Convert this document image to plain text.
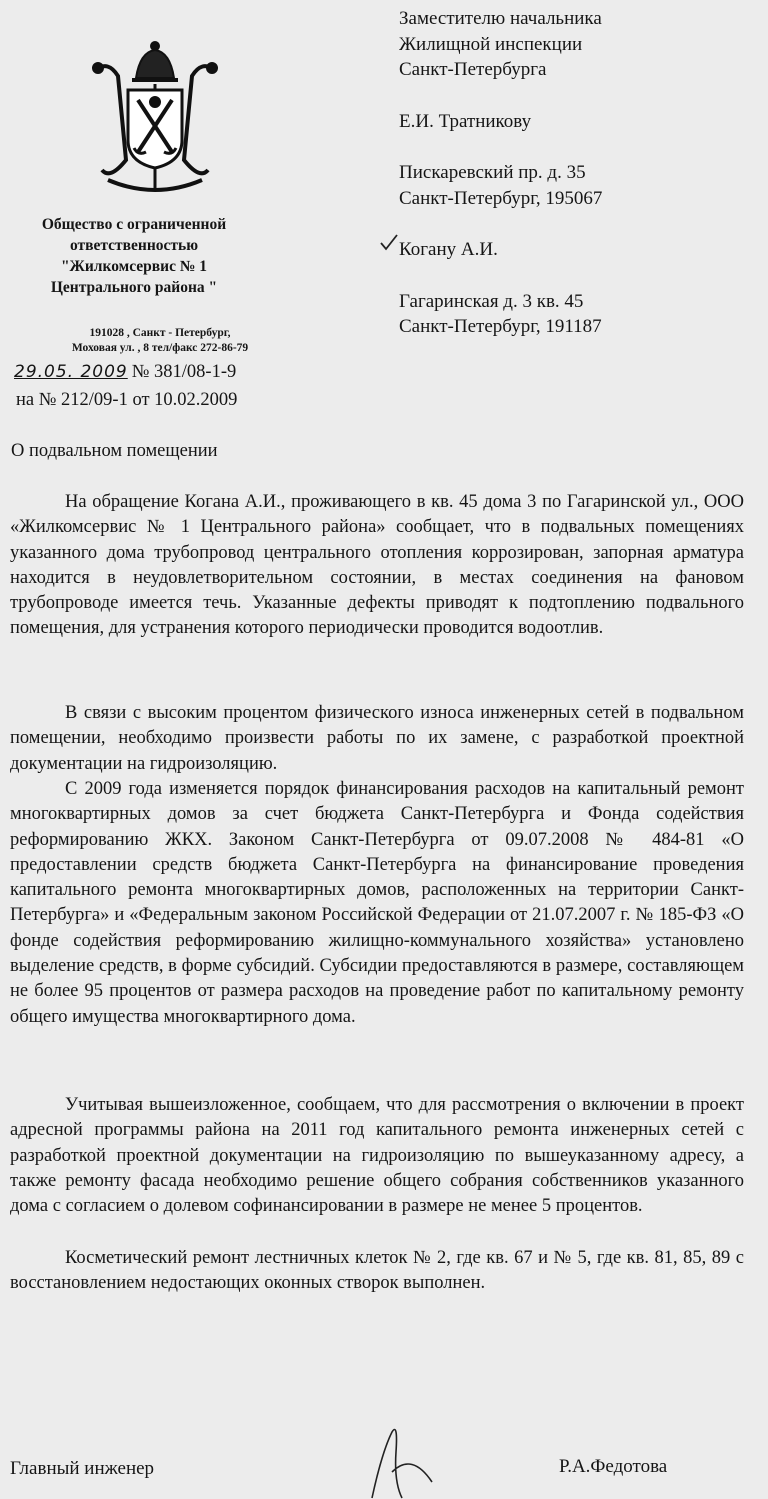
Заместителю начальника
Жилищной инспекции
Санкт-Петербурга
Е.И. Тратникову
Пискаревский пр. д. 35
Санкт-Петербург, 195067
Когану А.И.
Гагаринская д. 3 кв. 45
Санкт-Петербург, 191187
Общество с ограниченной
ответственностью
"Жилкомсервис № 1
Центрального района "
191028 , Санкт - Петербург,
Моховая ул. , 8 тел/факс 272-86-79
29.05. 2009 № 381/08-1-9
на № 212/09-1 от 10.02.2009
О подвальном помещении

На обращение Когана А.И., проживающего в кв. 45 дома 3 по Гагаринской ул., ООО «Жилкомсервис № 1 Центрального района» сообщает, что в подвальных помещениях указанного дома трубопровод центрального отопления коррозирован, запорная арматура находится в неудовлетворительном состоянии, в местах соединения на фановом трубопроводе имеется течь. Указанные дефекты приводят к подтоплению подвального помещения, для устранения которого периодически проводится водоотлив.

В связи с высоким процентом физического износа инженерных сетей в подвальном помещении, необходимо произвести работы по их замене, с разработкой проектной документации на гидроизоляцию.

С 2009 года изменяется порядок финансирования расходов на капитальный ремонт многоквартирных домов за счет бюджета Санкт-Петербурга и Фонда содействия реформированию ЖКХ. Законом Санкт-Петербурга от 09.07.2008 № 484-81 «О предоставлении средств бюджета Санкт-Петербурга на финансирование проведения капитального ремонта многоквартирных домов, расположенных на территории Санкт-Петербурга» и «Федеральным законом Российской Федерации от 21.07.2007 г. № 185-ФЗ «О фонде содействия реформированию жилищно-коммунального хозяйства» установлено выделение средств, в форме субсидий. Субсидии предоставляются в размере, составляющем не более 95 процентов от размера расходов на проведение работ по капитальному ремонту общего имущества многоквартирного дома.

Учитывая вышеизложенное, сообщаем, что для рассмотрения о включении в проект адресной программы района на 2011 год капитального ремонта инженерных сетей с разработкой проектной документации на гидроизоляцию по вышеуказанному адресу, а также ремонту фасада необходимо решение общего собрания собственников указанного дома с согласием о долевом софинансировании в размере не менее 5 процентов.

Косметический ремонт лестничных клеток № 2, где кв. 67 и № 5, где кв. 81, 85, 89 с восстановлением недостающих оконных створок выполнен.

Главный инженер	Р.А.Федотова
